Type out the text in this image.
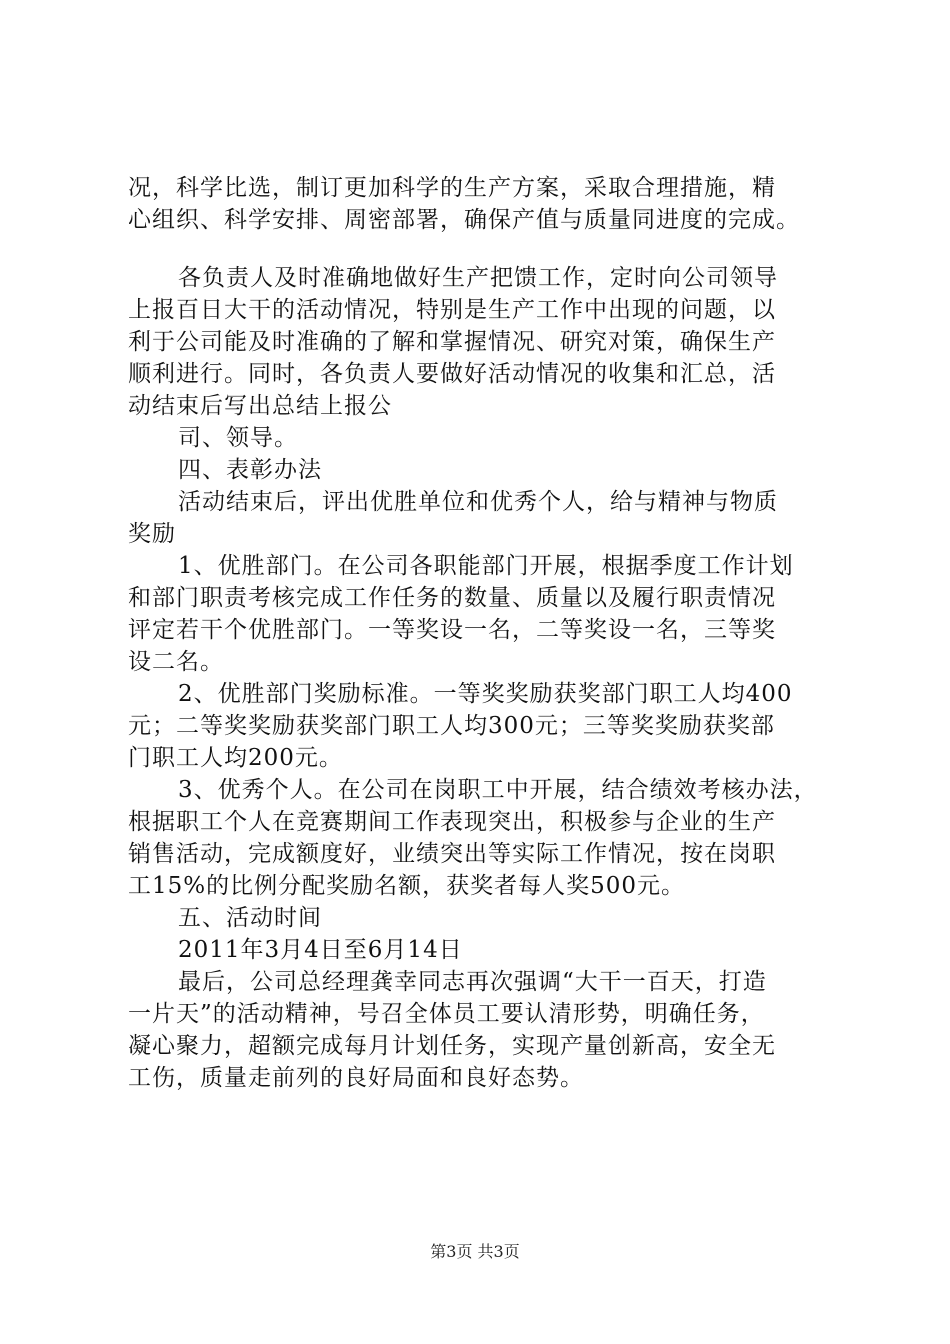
况，科学比选，制订更加科学的生产方案，采取合理措施，精
心组织、科学安排、周密部署，确保产值与质量同进度的完成。
各负责人及时准确地做好生产把馈工作，定时向公司领导
上报百日大干的活动情况，特别是生产工作中出现的问题，以
利于公司能及时准确的了解和掌握情况、研究对策，确保生产
顺利进行。同时，各负责人要做好活动情况的收集和汇总，活
动结束后写出总结上报公
司、领导。
四、表彰办法
活动结束后，评出优胜单位和优秀个人，给与精神与物质
奖励
1、优胜部门。在公司各职能部门开展，根据季度工作计划
和部门职责考核完成工作任务的数量、质量以及履行职责情况
评定若干个优胜部门。一等奖设一名，二等奖设一名，三等奖
设二名。
2、优胜部门奖励标准。一等奖奖励获奖部门职工人均400
元；二等奖奖励获奖部门职工人均300元；三等奖奖励获奖部
门职工人均200元。
3、优秀个人。在公司在岗职工中开展，结合绩效考核办法，
根据职工个人在竞赛期间工作表现突出，积极参与企业的生产
销售活动，完成额度好，业绩突出等实际工作情况，按在岗职
工15%的比例分配奖励名额，获奖者每人奖500元。
五、活动时间
2011年3月4日至6月14日
最后，公司总经理龚幸同志再次强调“大干一百天，打造
一片天”的活动精神，号召全体员工要认清形势，明确任务，
凝心聚力，超额完成每月计划任务，实现产量创新高，安全无
工伤，质量走前列的良好局面和良好态势。
第3页 共3页
